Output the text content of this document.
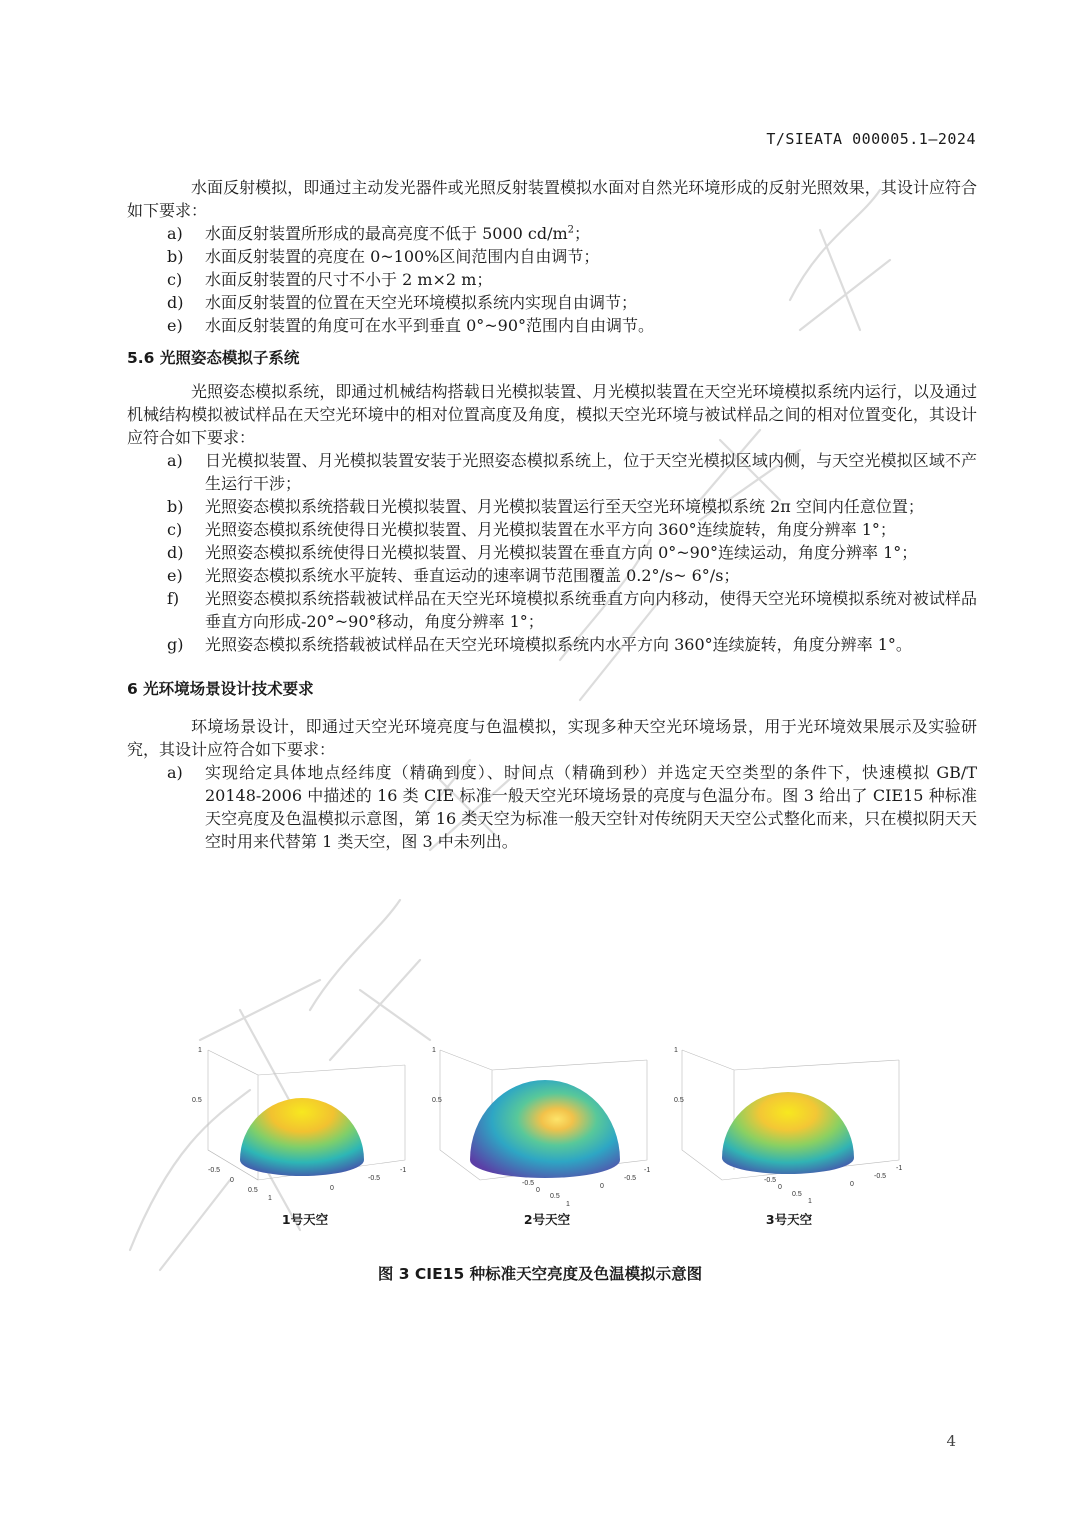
T/SIEATA 000005.1—2024

水面反射模拟，即通过主动发光器件或光照反射装置模拟水面对自然光环境形成的反射光照效果，其设计应符合如下要求：

a)	水面反射装置所形成的最高亮度不低于 5000 $cd/m^2$；
b)	水面反射装置的亮度在 0~100%区间范围内自由调节；
c)	水面反射装置的尺寸不小于 2 m×2 m；
d)	水面反射装置的位置在天空光环境模拟系统内实现自由调节；
e)	水面反射装置的角度可在水平到垂直 0°~90°范围内自由调节。
5.6 光照姿态模拟子系统

光照姿态模拟系统，即通过机械结构搭载日光模拟装置、月光模拟装置在天空光环境模拟系统内运行，以及通过机械结构模拟被试样品在天空光环境中的相对位置高度及角度，模拟天空光环境与被试样品之间的相对位置变化，其设计应符合如下要求：

a)	日光模拟装置、月光模拟装置安装于光照姿态模拟系统上，位于天空光模拟区域内侧，与天空光模拟区域不产生运行干涉；
b)	光照姿态模拟系统搭载日光模拟装置、月光模拟装置运行至天空光环境模拟系统 2π 空间内任意位置；
c)	光照姿态模拟系统使得日光模拟装置、月光模拟装置在水平方向 360°连续旋转，角度分辨率 1°；
d)	光照姿态模拟系统使得日光模拟装置、月光模拟装置在垂直方向 0°~90°连续运动，角度分辨率 1°；
e)	光照姿态模拟系统水平旋转、垂直运动的速率调节范围覆盖 0.2°/s~ 6°/s；
f)	光照姿态模拟系统搭载被试样品在天空光环境模拟系统垂直方向内移动，使得天空光环境模拟系统对被试样品垂直方向形成-20°~90°移动，角度分辨率 1°；
g)	光照姿态模拟系统搭载被试样品在天空光环境模拟系统内水平方向 360°连续旋转，角度分辨率 1°。
6 光环境场景设计技术要求

环境场景设计，即通过天空光环境亮度与色温模拟，实现多种天空光环境场景，用于光环境效果展示及实验研究，其设计应符合如下要求：

a)	实现给定具体地点经纬度（精确到度）、时间点（精确到秒）并选定天空类型的条件下，快速模拟 GB/T 20148-2006 中描述的 16 类 CIE 标准一般天空光环境场景的亮度与色温分布。图 3 给出了 CIE15 种标准天空亮度及色温模拟示意图，第 16 类天空为标准一般天空针对传统阴天天空公式整化而来，只在模拟阴天天空时用来代替第 1 类天空，图 3 中未列出。
1
0.5
-0.5
0
0.5
1
0
-0.5
-1
1号天空
1
0.5
-0.5
0
0.5
1
0
-0.5
-1
2号天空
1
0.5
-0.5
0
0.5
1
0
-0.5
-1
3号天空
图 3 CIE15 种标准天空亮度及色温模拟示意图
4
